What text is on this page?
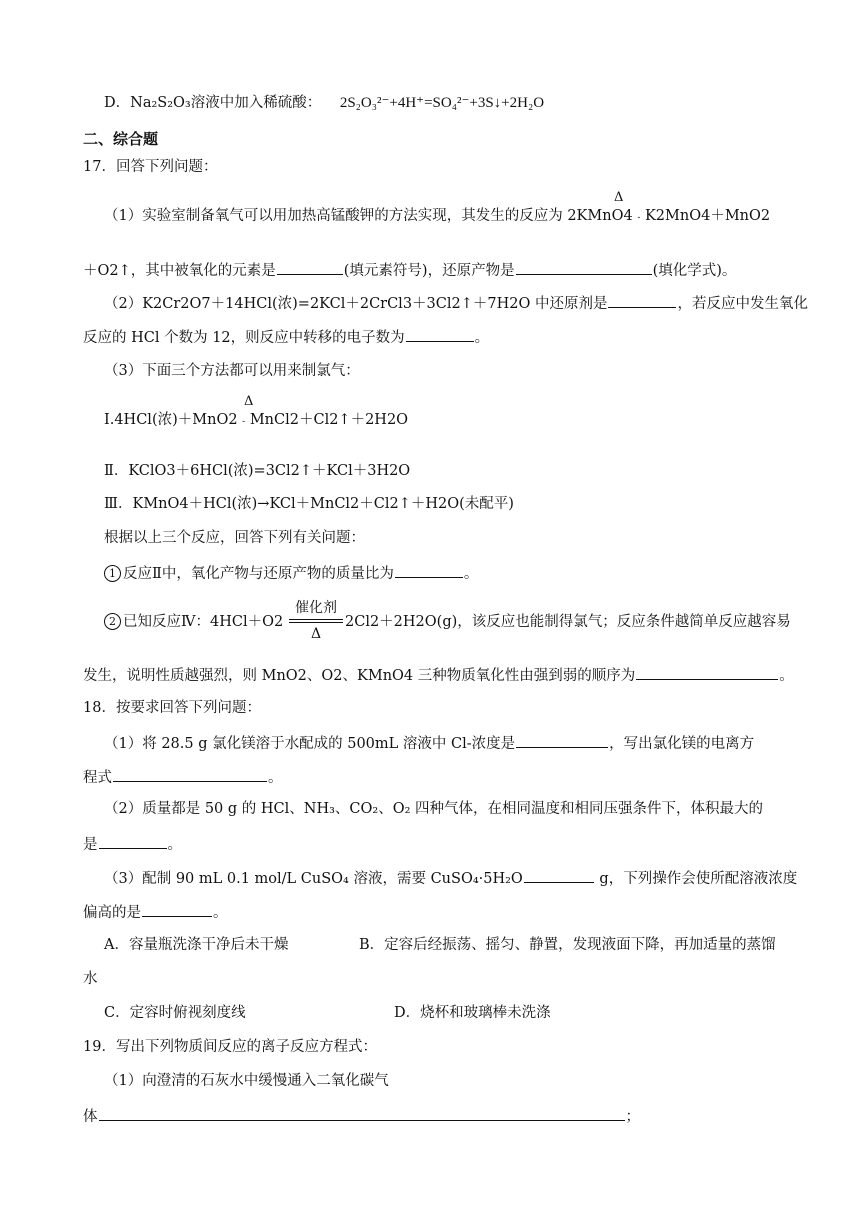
D．Na₂S₂O₃溶液中加入稀硫酸： 2S₂O₃²⁻+4H⁺=SO₄²⁻+3S↓+2H₂O
二、综合题
17．回答下列问题：
Δ
（1）实验室制备氧气可以用加热高锰酸钾的方法实现，其发生的反应为 2KMnO4 - K2MnO4＋MnO2
＋O2↑，其中被氧化的元素是	(填元素符号)，还原产物是	(填化学式)。
（2）K2Cr2O7＋14HCl(浓)=2KCl＋2CrCl3＋3Cl2↑＋7H2O 中还原剂是	，若反应中发生氧化
反应的 HCl 个数为 12，则反应中转移的电子数为	。
（3）下面三个方法都可以用来制氯气：
Δ
Ⅰ.4HCl(浓)＋MnO2 - MnCl2＋Cl2↑＋2H2O
Ⅱ．KClO3＋6HCl(浓)=3Cl2↑＋KCl＋3H2O
Ⅲ．KMnO4＋HCl(浓)→KCl＋MnCl2＋Cl2↑＋H2O(未配平)
根据以上三个反应，回答下列有关问题：
1 反应Ⅱ中，氧化产物与还原产物的质量比为	。
催化剂
Δ
2 已知反应Ⅳ：4HCl＋O2	2Cl2＋2H2O(g)，该反应也能制得氯气；反应条件越简单反应越容易
发生，说明性质越强烈，则 MnO2、O2、KMnO4 三种物质氧化性由强到弱的顺序为	。
18．按要求回答下列问题：
（1）将 28.5 g 氯化镁溶于水配成的 500mL 溶液中 Cl-浓度是	，写出氯化镁的电离方
程式	。
（2）质量都是 50 g 的 HCl、NH₃、CO₂、O₂ 四种气体，在相同温度和相同压强条件下，体积最大的
是	。
（3）配制 90 mL 0.1 mol/L CuSO₄ 溶液，需要 CuSO₄·5H₂O	g，下列操作会使所配溶液浓度
偏高的是	。
A．容量瓶洗涤干净后未干燥	B．定容后经振荡、摇匀、静置，发现液面下降，再加适量的蒸馏
水
C．定容时俯视刻度线	D．烧杯和玻璃棒未洗涤
19．写出下列物质间反应的离子反应方程式：
（1）向澄清的石灰水中缓慢通入二氧化碳气
体	；
